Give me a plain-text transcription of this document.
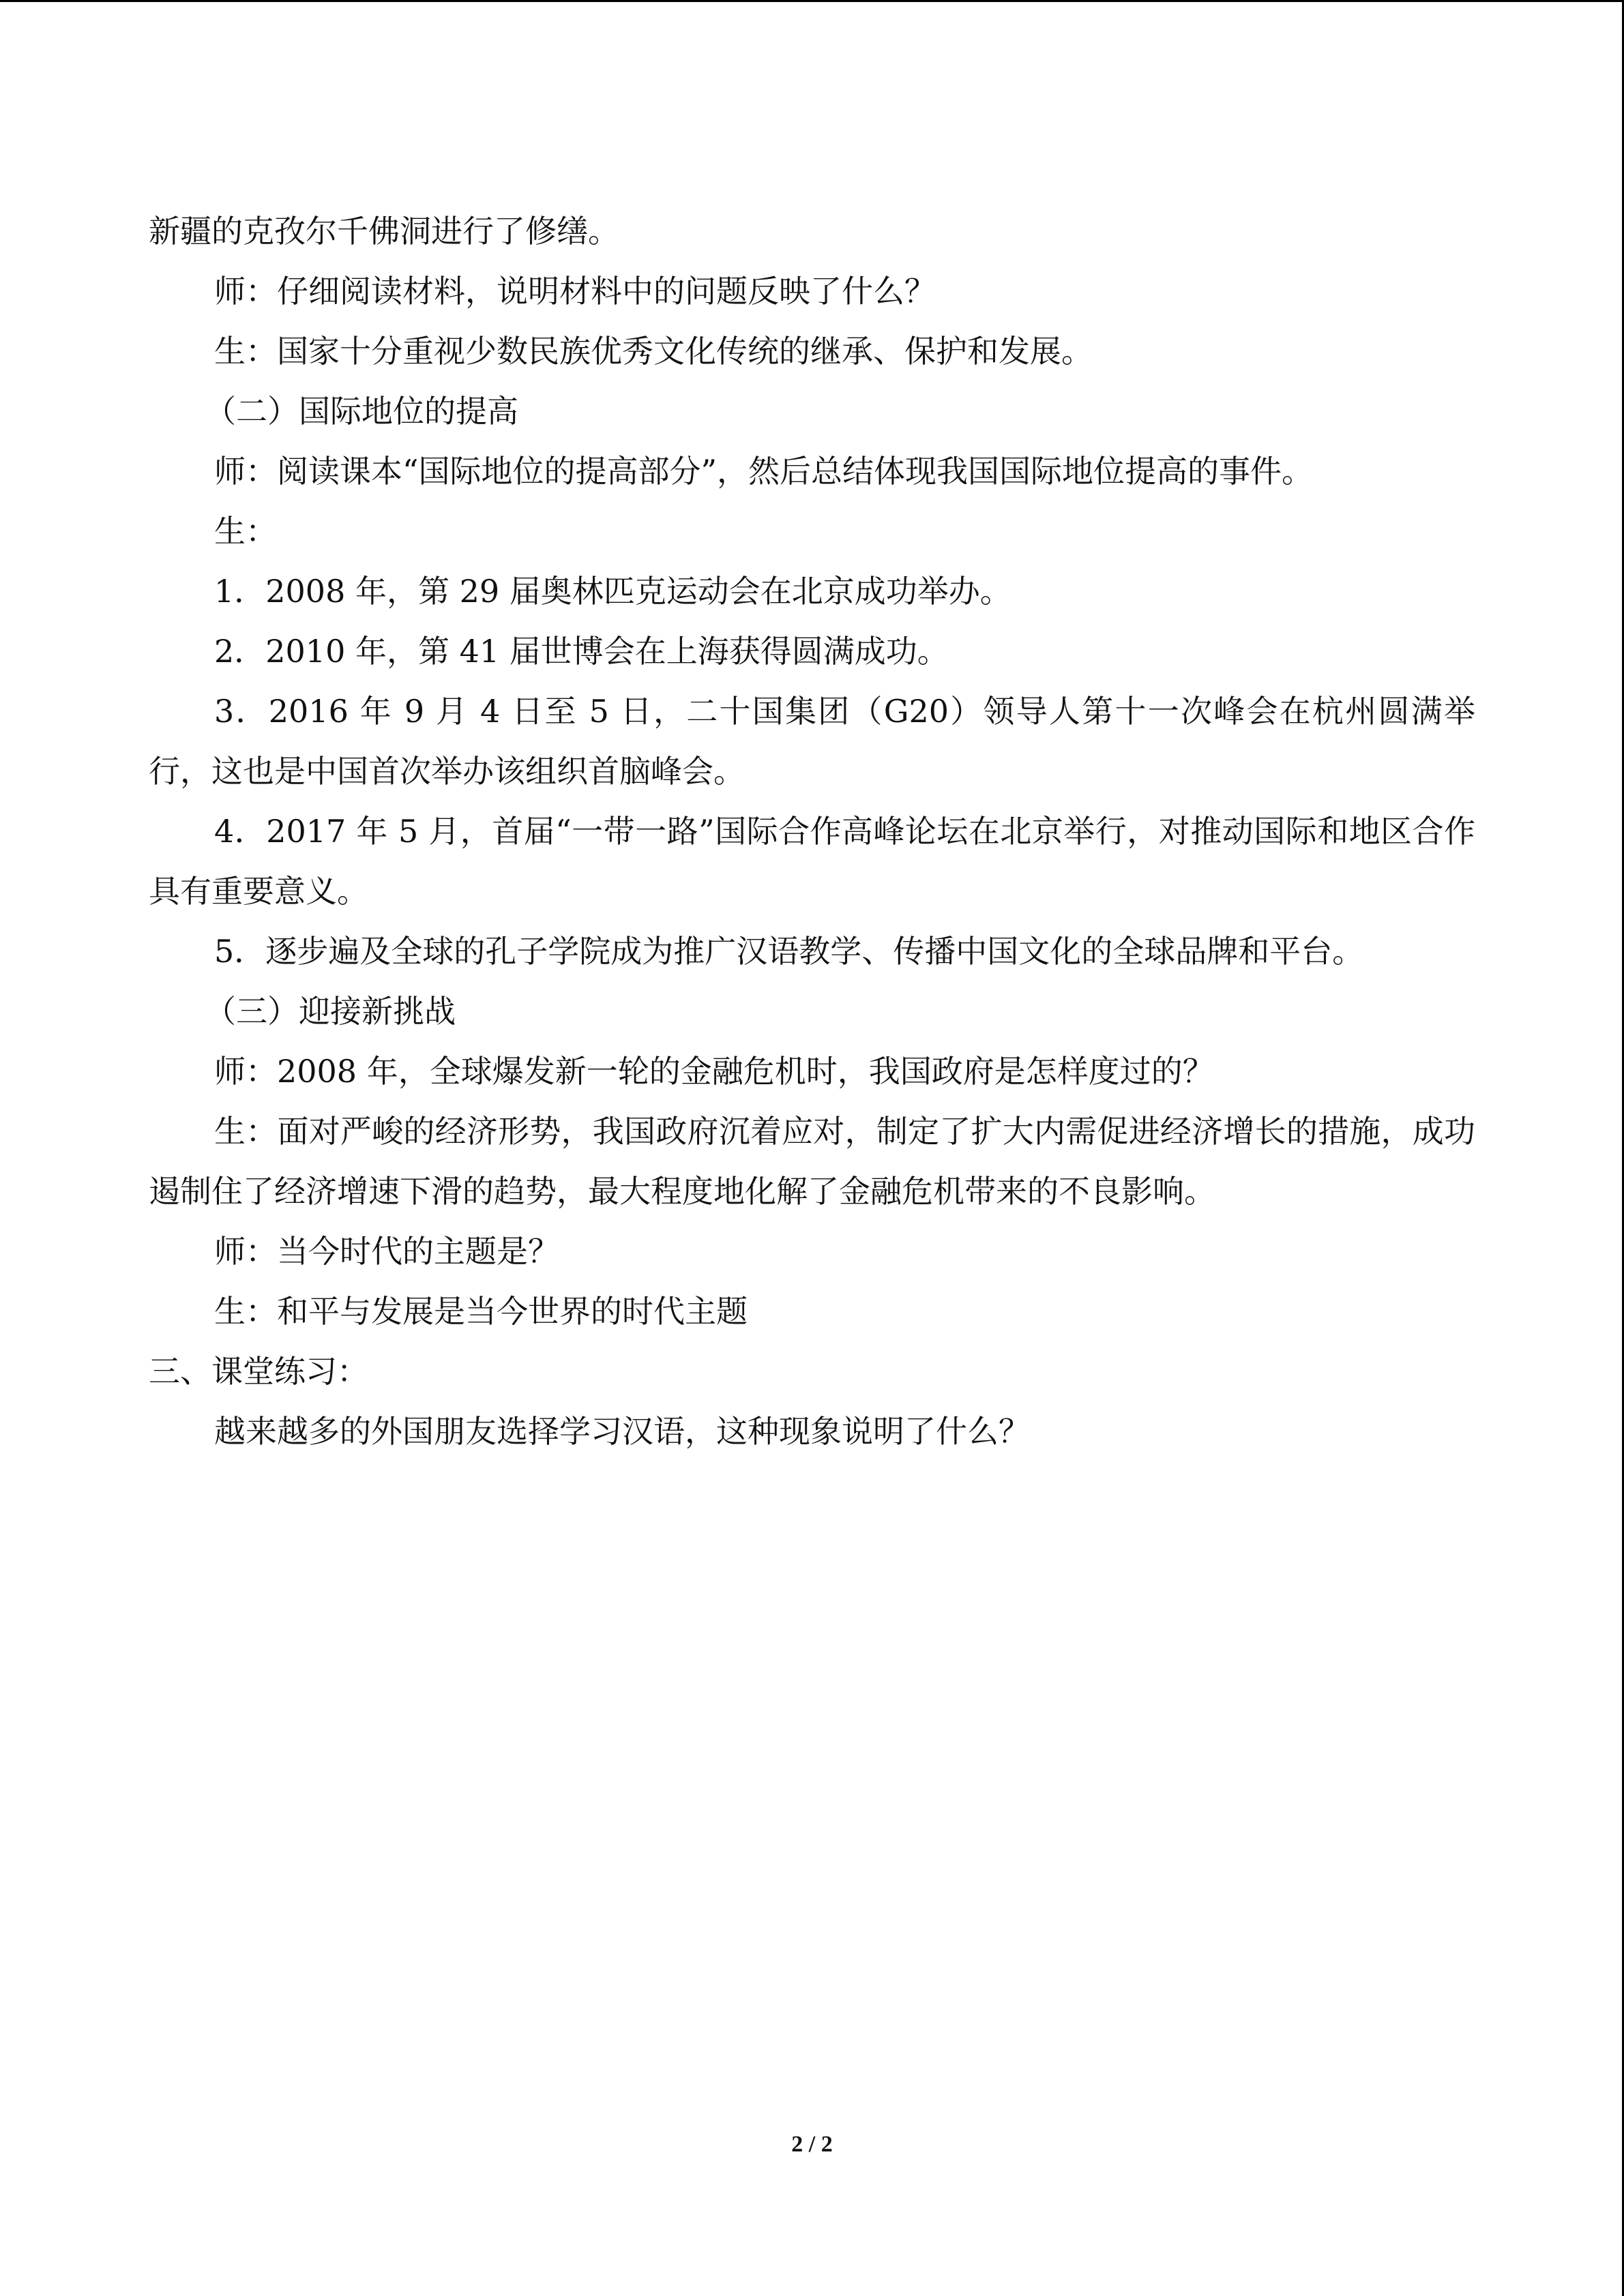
新疆的克孜尔千佛洞进行了修缮。

师：仔细阅读材料，说明材料中的问题反映了什么？

生：国家十分重视少数民族优秀文化传统的继承、保护和发展。

（二）国际地位的提高

师：阅读课本“国际地位的提高部分”，然后总结体现我国国际地位提高的事件。

生：

1．2008 年，第 29 届奥林匹克运动会在北京成功举办。

2．2010 年，第 41 届世博会在上海获得圆满成功。

3．2016 年 9 月 4 日至 5 日，二十国集团（G20）领导人第十一次峰会在杭州圆满举行，这也是中国首次举办该组织首脑峰会。

4．2017 年 5 月，首届“一带一路”国际合作高峰论坛在北京举行，对推动国际和地区合作具有重要意义。

5．逐步遍及全球的孔子学院成为推广汉语教学、传播中国文化的全球品牌和平台。

（三）迎接新挑战

师：2008 年，全球爆发新一轮的金融危机时，我国政府是怎样度过的？

生：面对严峻的经济形势，我国政府沉着应对，制定了扩大内需促进经济增长的措施，成功遏制住了经济增速下滑的趋势，最大程度地化解了金融危机带来的不良影响。

师：当今时代的主题是？

生：和平与发展是当今世界的时代主题

三、课堂练习：

越来越多的外国朋友选择学习汉语，这种现象说明了什么？

2 / 2
